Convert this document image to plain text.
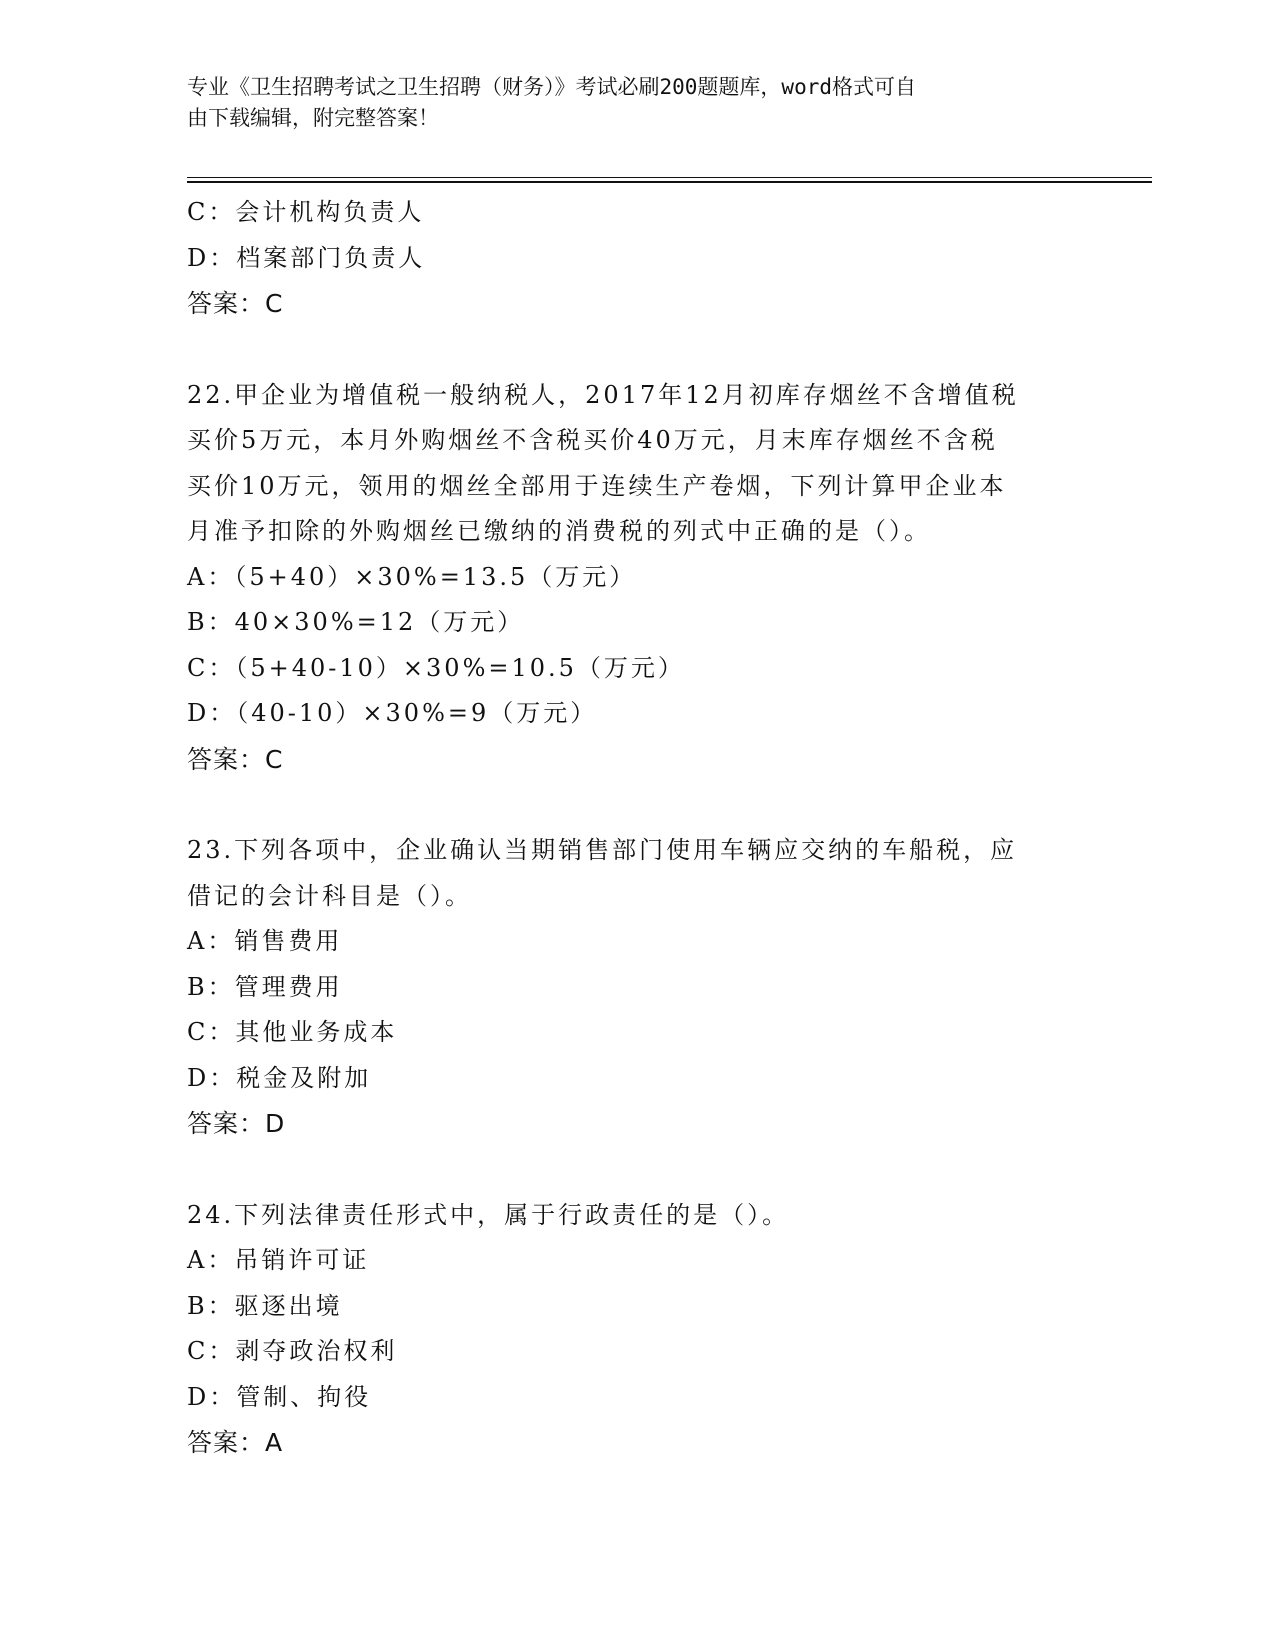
专业《卫生招聘考试之卫生招聘（财务）》考试必刷200题题库，word格式可自
由下载编辑，附完整答案！
C：会计机构负责人
D：档案部门负责人
答案：C
22.甲企业为增值税一般纳税人，2017年12月初库存烟丝不含增值税
买价5万元，本月外购烟丝不含税买价40万元，月末库存烟丝不含税
买价10万元，领用的烟丝全部用于连续生产卷烟，下列计算甲企业本
月准予扣除的外购烟丝已缴纳的消费税的列式中正确的是（）。
A：（5+40）×30%=13.5（万元）
B：40×30%=12（万元）
C：（5+40-10）×30%=10.5（万元）
D：（40-10）×30%=9（万元）
答案：C
23.下列各项中，企业确认当期销售部门使用车辆应交纳的车船税，应
借记的会计科目是（）。
A：销售费用
B：管理费用
C：其他业务成本
D：税金及附加
答案：D
24.下列法律责任形式中，属于行政责任的是（）。
A：吊销许可证
B：驱逐出境
C：剥夺政治权利
D：管制、拘役
答案：A
